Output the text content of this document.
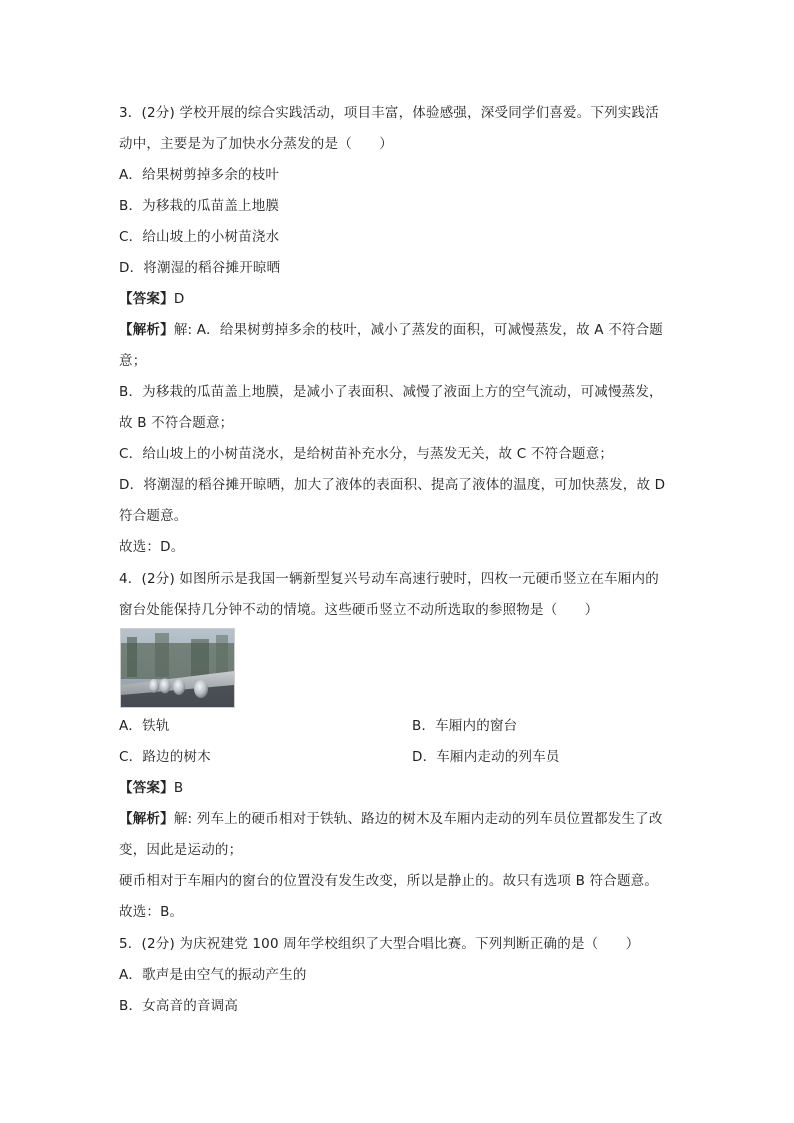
3．(2分) 学校开展的综合实践活动，项目丰富，体验感强，深受同学们喜爱。下列实践活
动中，主要是为了加快水分蒸发的是（　　）
A．给果树剪掉多余的枝叶
B．为移栽的瓜苗盖上地膜
C．给山坡上的小树苗浇水
D．将潮湿的稻谷摊开晾晒
【答案】D
【解析】解: A．给果树剪掉多余的枝叶，减小了蒸发的面积，可减慢蒸发，故 A 不符合题
意；
B．为移栽的瓜苗盖上地膜，是减小了表面积、减慢了液面上方的空气流动，可减慢蒸发，
故 B 不符合题意；
C．给山坡上的小树苗浇水，是给树苗补充水分，与蒸发无关，故 C 不符合题意；
D．将潮湿的稻谷摊开晾晒，加大了液体的表面积、提高了液体的温度，可加快蒸发，故 D
符合题意。
故选：D。
4．(2分) 如图所示是我国一辆新型复兴号动车高速行驶时，四枚一元硬币竖立在车厢内的
窗台处能保持几分钟不动的情境。这些硬币竖立不动所选取的参照物是（　　）
A．铁轨	B．车厢内的窗台
C．路边的树木	D．车厢内走动的列车员
【答案】B
【解析】解: 列车上的硬币相对于铁轨、路边的树木及车厢内走动的列车员位置都发生了改
变，因此是运动的；
硬币相对于车厢内的窗台的位置没有发生改变，所以是静止的。故只有选项 B 符合题意。
故选：B。
5．(2分) 为庆祝建党 100 周年学校组织了大型合唱比赛。下列判断正确的是（　　）
A．歌声是由空气的振动产生的
B．女高音的音调高
